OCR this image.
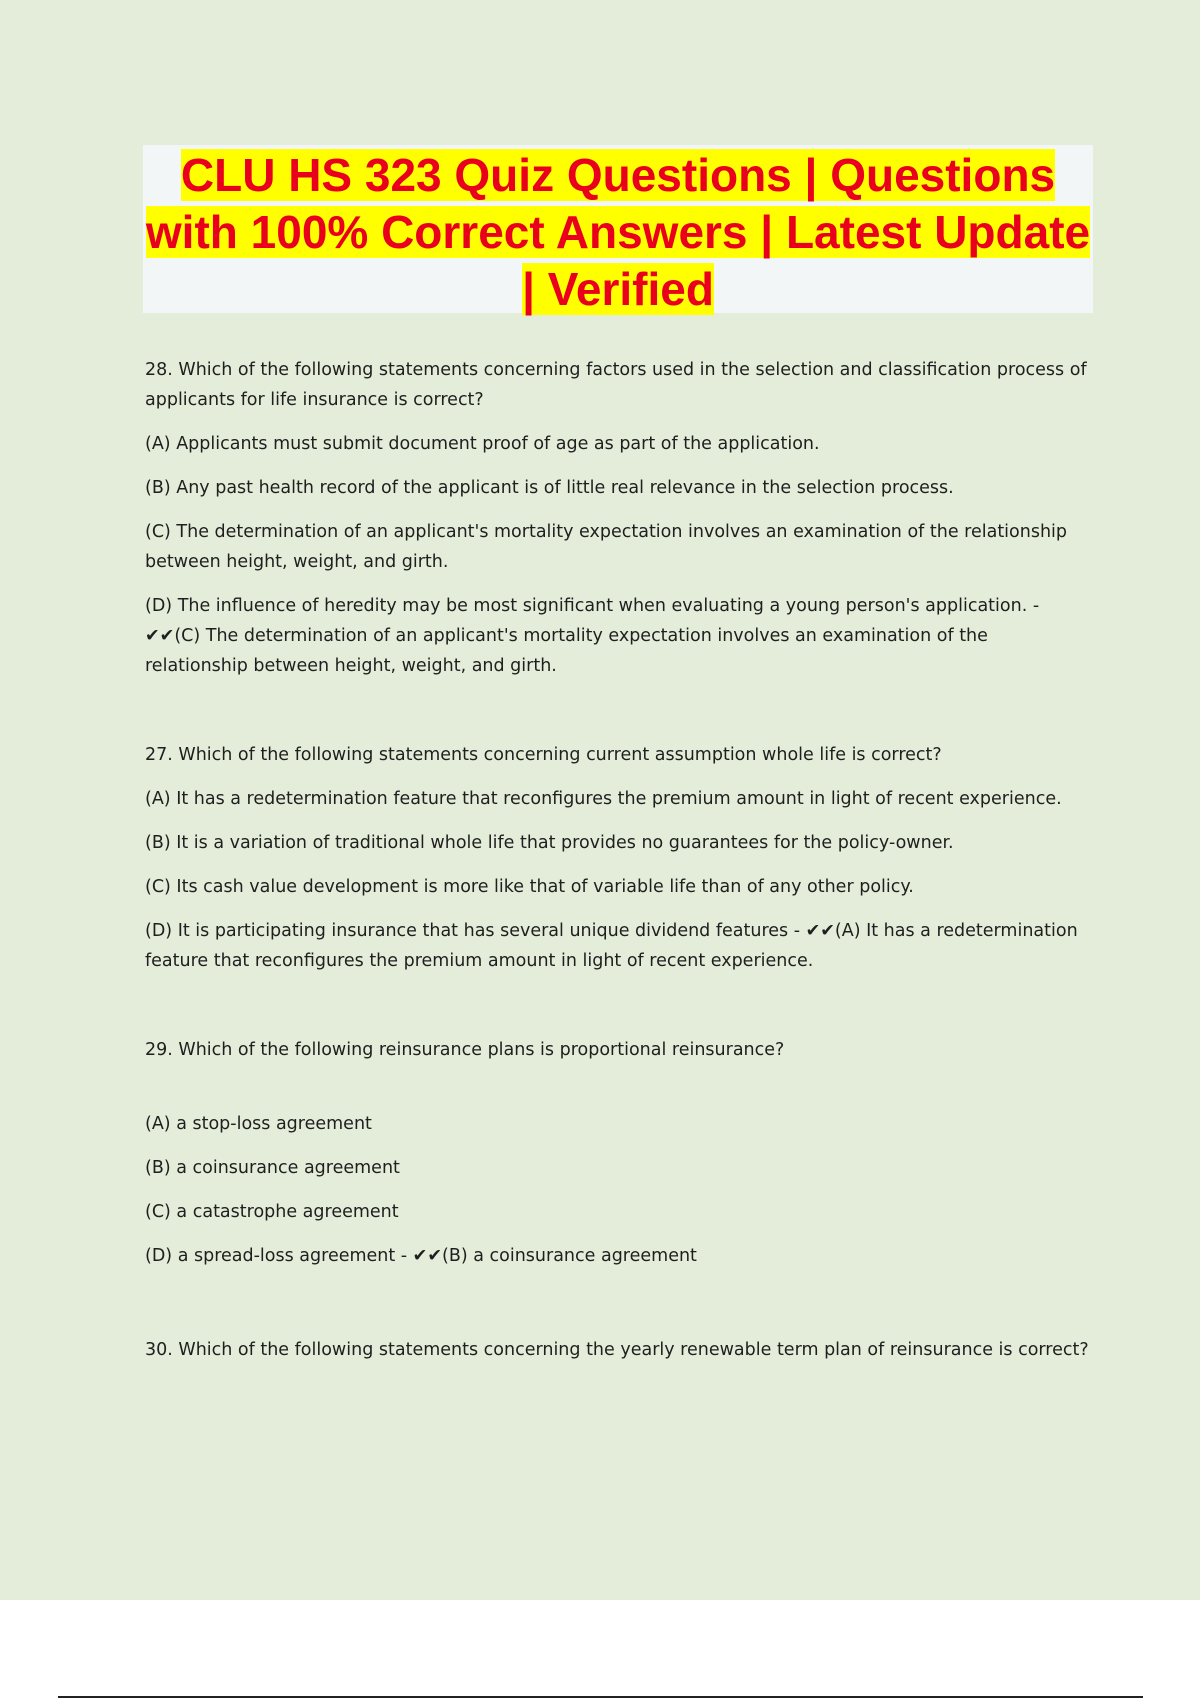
CLU HS 323 Quiz Questions | Questions with 100% Correct Answers | Latest Update | Verified

28. Which of the following statements concerning factors used in the selection and classification process of applicants for life insurance is correct?

(A) Applicants must submit document proof of age as part of the application.

(B) Any past health record of the applicant is of little real relevance in the selection process.

(C) The determination of an applicant's mortality expectation involves an examination of the relationship between height, weight, and girth.

(D) The influence of heredity may be most significant when evaluating a young person's application. - ✔✔(C) The determination of an applicant's mortality expectation involves an examination of the relationship between height, weight, and girth.

27. Which of the following statements concerning current assumption whole life is correct?

(A) It has a redetermination feature that reconfigures the premium amount in light of recent experience.

(B) It is a variation of traditional whole life that provides no guarantees for the policy-owner.

(C) Its cash value development is more like that of variable life than of any other policy.

(D) It is participating insurance that has several unique dividend features - ✔✔(A) It has a redetermination feature that reconfigures the premium amount in light of recent experience.

29. Which of the following reinsurance plans is proportional reinsurance?

(A) a stop-loss agreement

(B) a coinsurance agreement

(C) a catastrophe agreement

(D) a spread-loss agreement - ✔✔(B) a coinsurance agreement

30. Which of the following statements concerning the yearly renewable term plan of reinsurance is correct?
